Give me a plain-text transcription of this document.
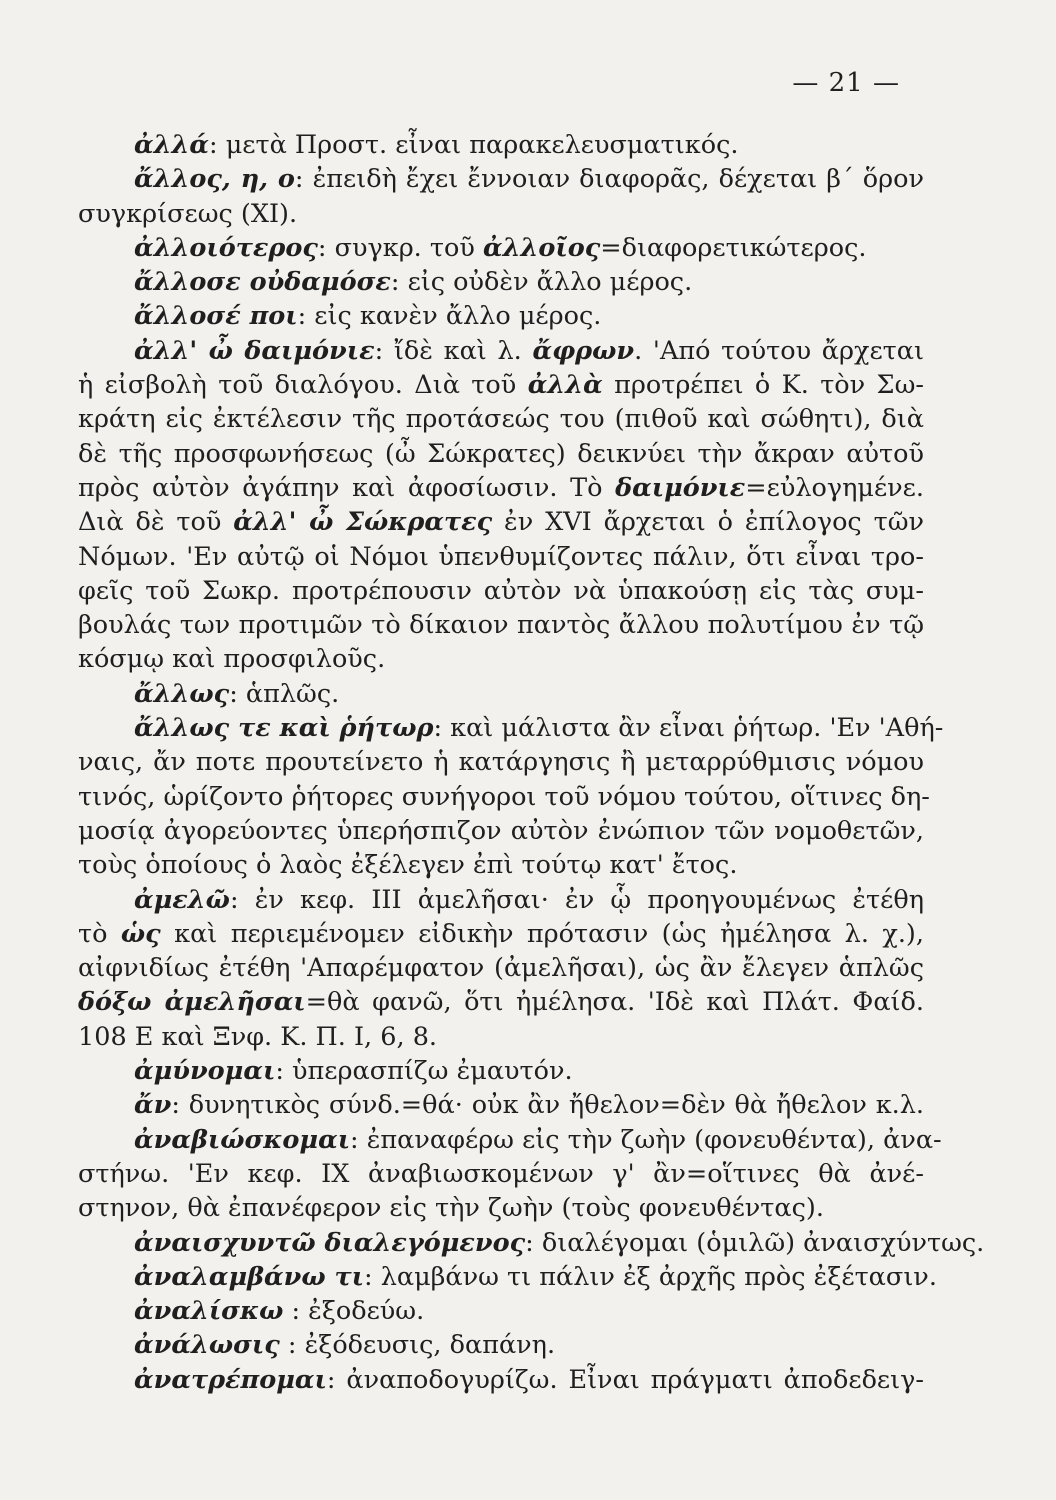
— 21 —
ἀλλά: μετὰ Προστ. εἶναι παρακελευσματικός.
ἄλλος, η, ο: ἐπειδὴ ἔχει ἔννοιαν διαφορᾶς, δέχεται β΄ ὅρον
συγκρίσεως (ΧΙ).
ἀλλοιότερος: συγκρ. τοῦ ἀλλοῖος=διαφορετικώτερος.
ἄλλοσε οὐδαμόσε: εἰς οὐδὲν ἄλλο μέρος.
ἄλλοσέ ποι: εἰς κανὲν ἄλλο μέρος.
ἀλλ' ὦ δαιμόνιε: ἴδὲ καὶ λ. ἄφρων. 'Από τούτου ἄρχεται
ἡ εἰσβολὴ τοῦ διαλόγου. Διὰ τοῦ ἀλλὰ προτρέπει ὁ Κ. τὸν Σω-
κράτη εἰς ἐκτέλεσιν τῆς προτάσεώς του (πιθοῦ καὶ σώθητι), διὰ
δὲ τῆς προσφωνήσεως (ὦ Σώκρατες) δεικνύει τὴν ἄκραν αὐτοῦ
πρὸς αὐτὸν ἀγάπην καὶ ἀφοσίωσιν. Τὸ δαιμόνιε=εὐλογημένε.
Διὰ δὲ τοῦ ἀλλ' ὦ Σώκρατες ἐν XVI ἄρχεται ὁ ἐπίλογος τῶν
Νόμων. 'Εν αὐτῷ οἱ Νόμοι ὑπενθυμίζοντες πάλιν, ὅτι εἶναι τρο-
φεῖς τοῦ Σωκρ. προτρέπουσιν αὐτὸν νὰ ὑπακούσῃ εἰς τὰς συμ-
βουλάς των προτιμῶν τὸ δίκαιον παντὸς ἄλλου πολυτίμου ἐν τῷ
κόσμῳ καὶ προσφιλοῦς.
ἄλλως: ἁπλῶς.
ἄλλως τε καὶ ῥήτωρ: καὶ μάλιστα ἂν εἶναι ῥήτωρ. 'Εν 'Αθή-
ναις, ἄν ποτε προυτείνετο ἡ κατάργησις ἢ μεταρρύθμισις νόμου
τινός, ὡρίζοντο ῥήτορες συνήγοροι τοῦ νόμου τούτου, οἵτινες δη-
μοσίᾳ ἀγορεύοντες ὑπερήσπιζον αὐτὸν ἐνώπιον τῶν νομοθετῶν,
τοὺς ὁποίους ὁ λαὸς ἐξέλεγεν ἐπὶ τούτῳ κατ' ἔτος.
ἀμελῶ: ἐν κεφ. ΙΙΙ ἀμελῆσαι· ἐν ᾧ προηγουμένως ἐτέθη
τὸ ὡς καὶ περιεμένομεν εἰδικὴν πρότασιν (ὡς ἠμέλησα λ. χ.),
αἰφνιδίως ἐτέθη 'Απαρέμφατον (ἀμελῆσαι), ὡς ἂν ἔλεγεν ἁπλῶς
δόξω ἀμελῆσαι=θὰ φανῶ, ὅτι ἠμέλησα. 'Ιδὲ καὶ Πλάτ. Φαίδ.
108 Ε καὶ Ξνφ. Κ. Π. Ι, 6, 8.
ἀμύνομαι: ὑπερασπίζω ἐμαυτόν.
ἄν: δυνητικὸς σύνδ.=θά· οὐκ ἂν ἤθελον=δὲν θὰ ἤθελον κ.λ.
ἀναβιώσκομαι: ἐπαναφέρω εἰς τὴν ζωὴν (φονευθέντα), ἀνα-
στήνω. 'Εν κεφ. ΙΧ ἀναβιωσκομένων γ' ἂν=οἵτινες θὰ ἀνέ-
στηνον, θὰ ἐπανέφερον εἰς τὴν ζωὴν (τοὺς φονευθέντας).
ἀναισχυντῶ διαλεγόμενος: διαλέγομαι (ὁμιλῶ) ἀναισχύντως.
ἀναλαμβάνω τι: λαμβάνω τι πάλιν ἐξ ἀρχῆς πρὸς ἐξέτασιν.
ἀναλίσκω : ἐξοδεύω.
ἀνάλωσις : ἐξόδευσις, δαπάνη.
ἀνατρέπομαι: ἀναποδογυρίζω. Εἶναι πράγματι ἀποδεδειγ-
